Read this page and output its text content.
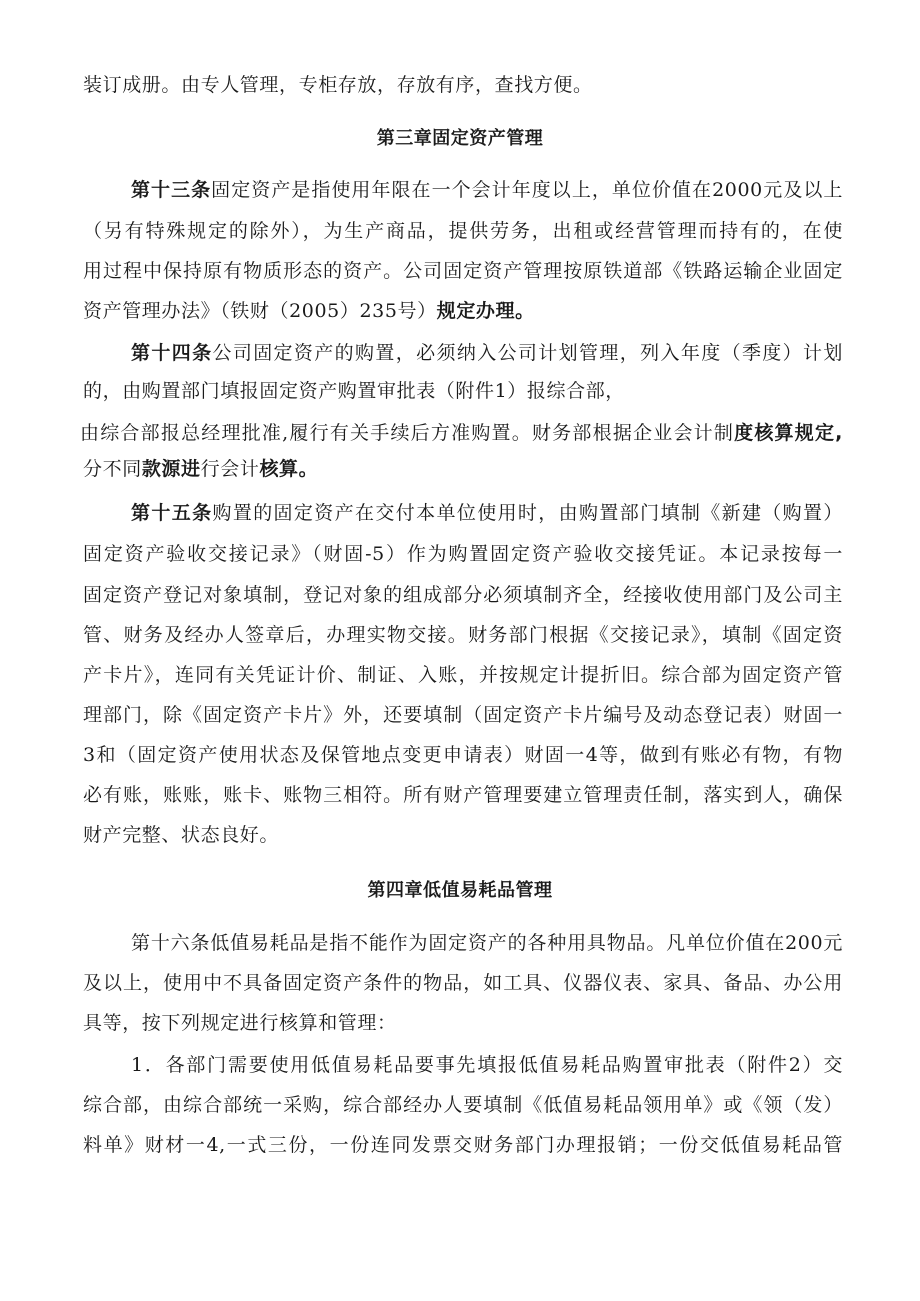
装订成册。由专人管理，专柜存放，存放有序，查找方便。
第三章固定资产管理
第十三条固定资产是指使用年限在一个会计年度以上，单位价值在2000元及以上
（另有特殊规定的除外），为生产商品，提供劳务，出租或经营管理而持有的，在使
用过程中保持原有物质形态的资产。公司固定资产管理按原铁道部《铁路运输企业固定
资产管理办法》（铁财（2005）235号）规定办理。
第十四条公司固定资产的购置，必须纳入公司计划管理，列入年度（季度）计划
的，由购置部门填报固定资产购置审批表（附件1）报综合部，
由综合部报总经理批准,履行有关手续后方准购置。财务部根据企业会计制度核算规定,
分不同款源进行会计核算。
第十五条购置的固定资产在交付本单位使用时，由购置部门填制《新建（购置）
固定资产验收交接记录》（财固-5）作为购置固定资产验收交接凭证。本记录按每一
固定资产登记对象填制，登记对象的组成部分必须填制齐全，经接收使用部门及公司主
管、财务及经办人签章后，办理实物交接。财务部门根据《交接记录》，填制《固定资
产卡片》，连同有关凭证计价、制证、入账，并按规定计提折旧。综合部为固定资产管
理部门，除《固定资产卡片》外，还要填制（固定资产卡片编号及动态登记表）财固一
3和（固定资产使用状态及保管地点变更申请表）财固一4等，做到有账必有物，有物
必有账，账账，账卡、账物三相符。所有财产管理要建立管理责任制，落实到人，确保
财产完整、状态良好。
第四章低值易耗品管理
第十六条低值易耗品是指不能作为固定资产的各种用具物品。凡单位价值在200元
及以上，使用中不具备固定资产条件的物品，如工具、仪器仪表、家具、备品、办公用
具等，按下列规定进行核算和管理：
1．各部门需要使用低值易耗品要事先填报低值易耗品购置审批表（附件2）交
综合部，由综合部统一采购，综合部经办人要填制《低值易耗品领用单》或《领（发）
料单》财材一4,一式三份，一份连同发票交财务部门办理报销；一份交低值易耗品管
